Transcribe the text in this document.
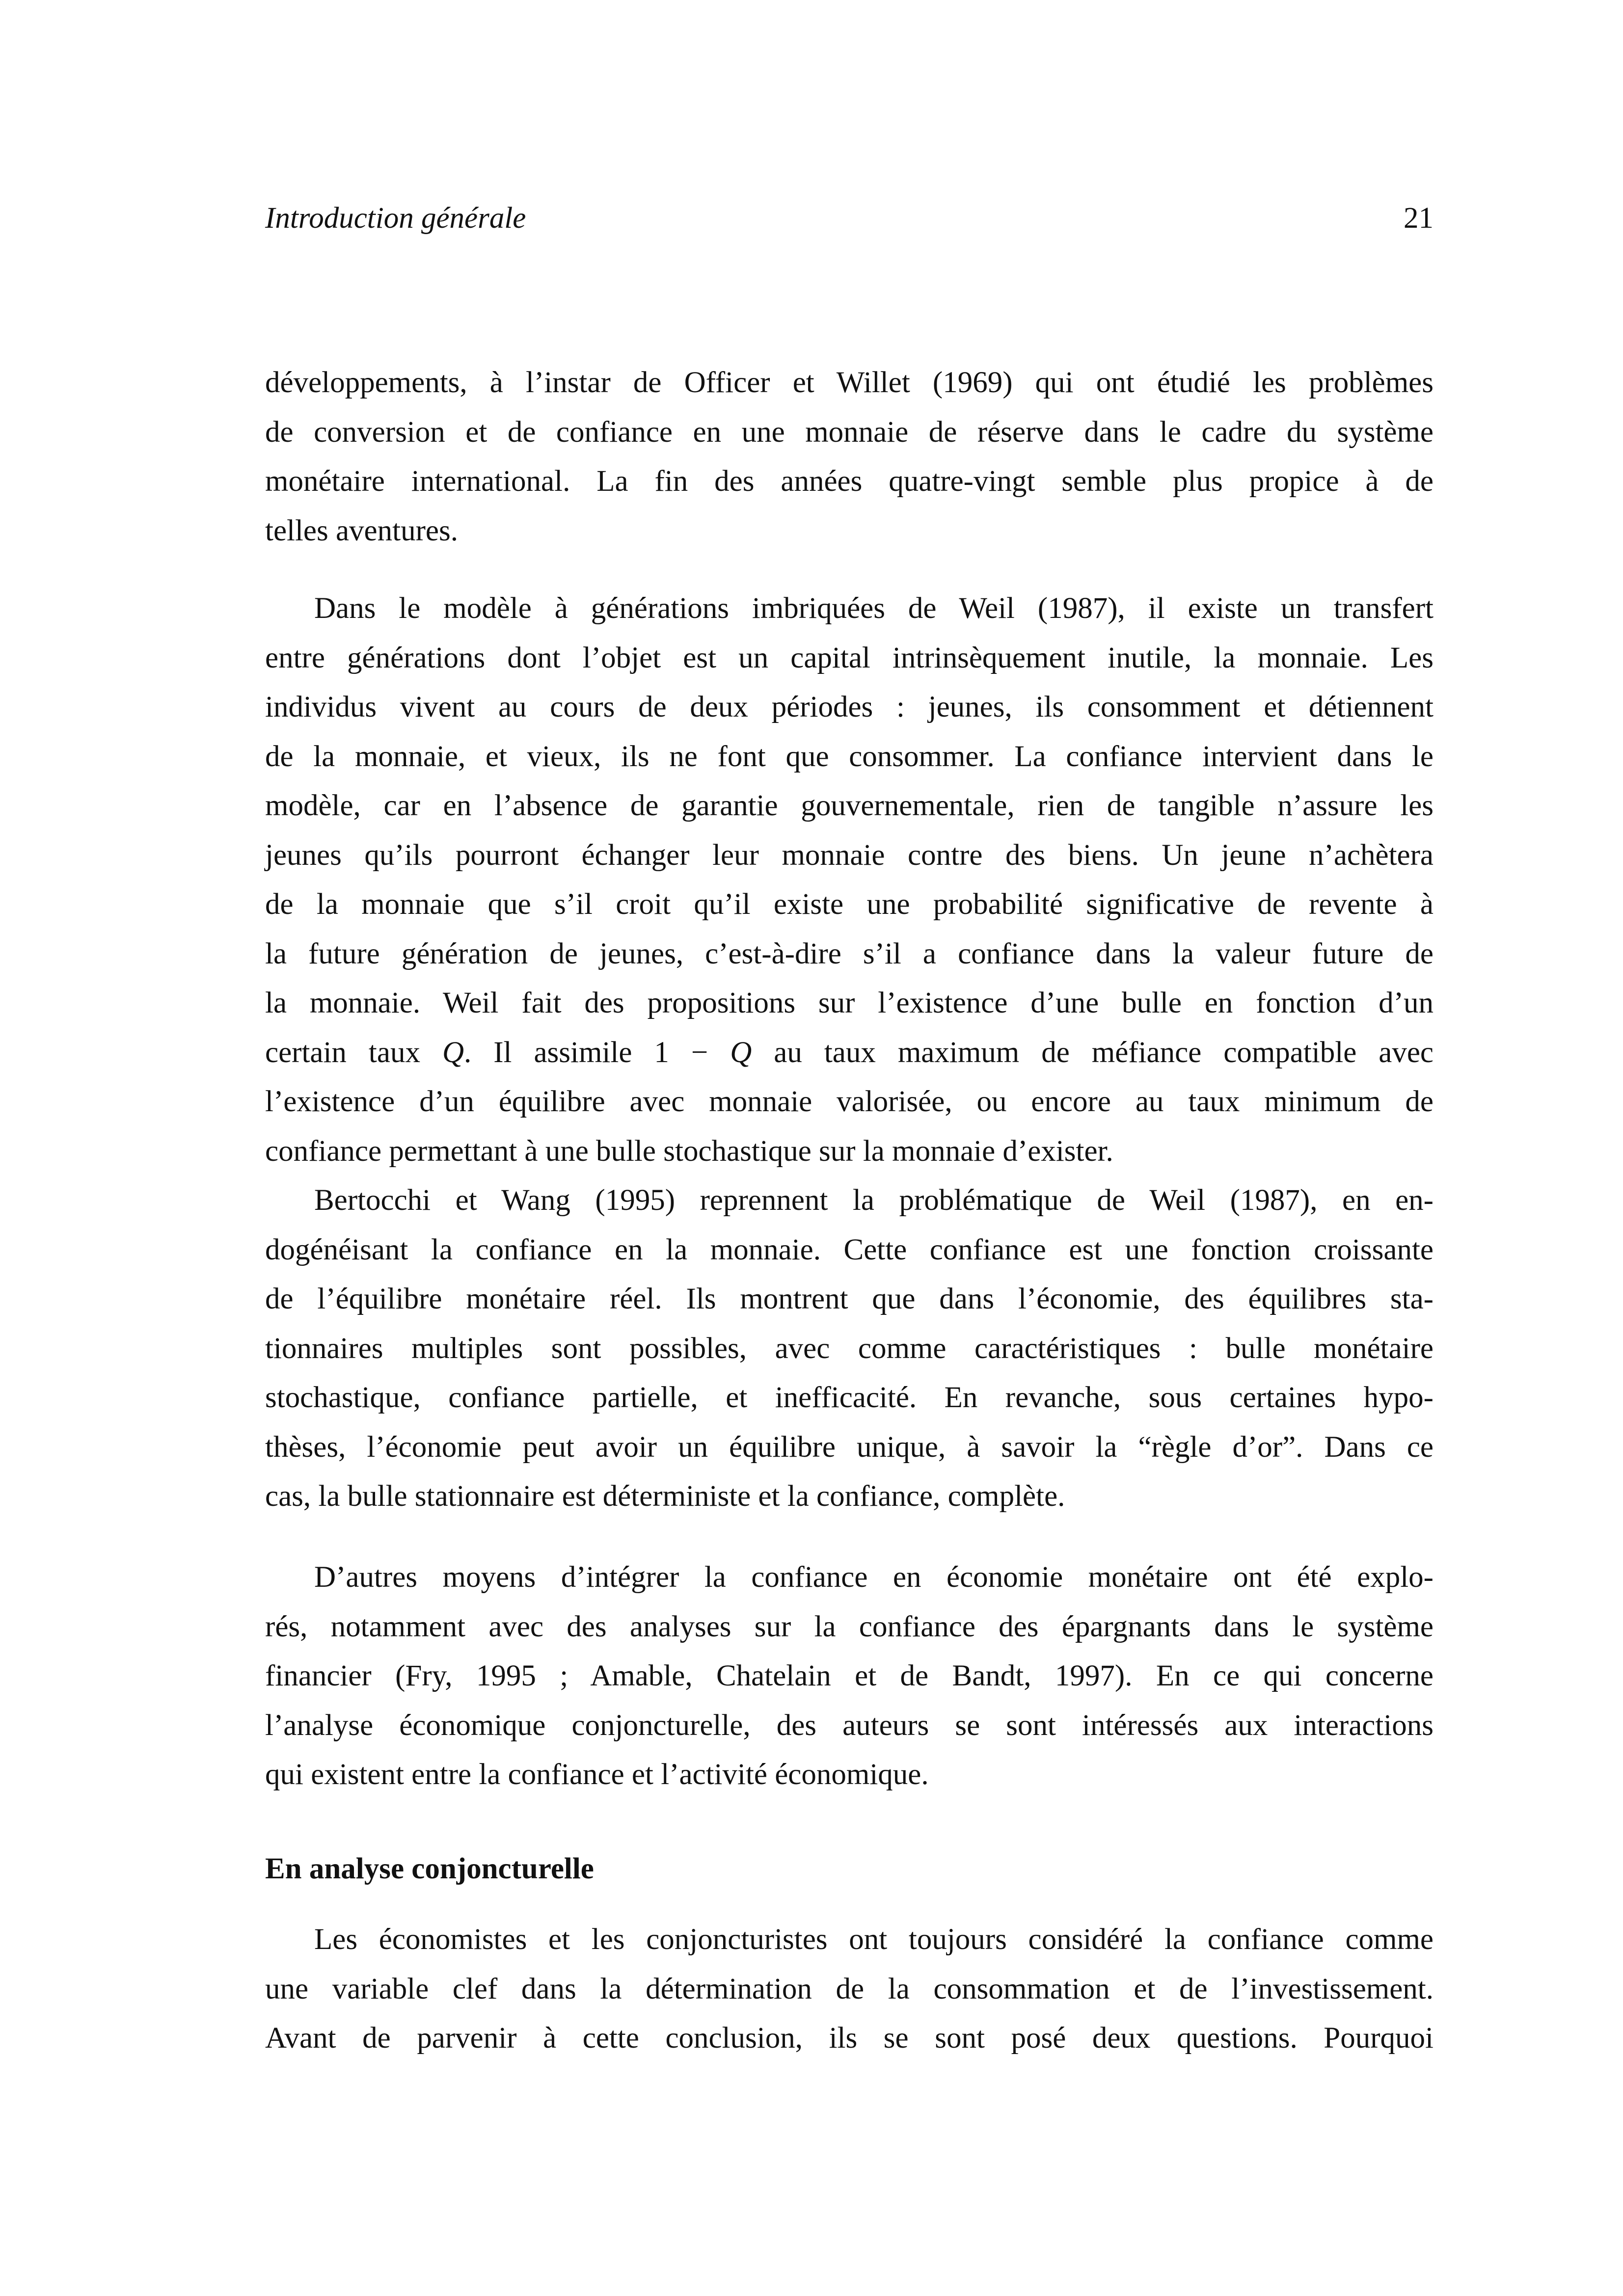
Introduction générale	21
développements, à l’instar de Officer et Willet (1969) qui ont étudié les problèmes
de conversion et de confiance en une monnaie de réserve dans le cadre du système
monétaire international. La fin des années quatre-vingt semble plus propice à de
telles aventures.
Dans le modèle à générations imbriquées de Weil (1987), il existe un transfert
entre générations dont l’objet est un capital intrinsèquement inutile, la monnaie. Les
individus vivent au cours de deux périodes : jeunes, ils consomment et détiennent
de la monnaie, et vieux, ils ne font que consommer. La confiance intervient dans le
modèle, car en l’absence de garantie gouvernementale, rien de tangible n’assure les
jeunes qu’ils pourront échanger leur monnaie contre des biens. Un jeune n’achètera
de la monnaie que s’il croit qu’il existe une probabilité significative de revente à
la future génération de jeunes, c’est-à-dire s’il a confiance dans la valeur future de
la monnaie. Weil fait des propositions sur l’existence d’une bulle en fonction d’un
certain taux Q. Il assimile 1 − Q au taux maximum de méfiance compatible avec
l’existence d’un équilibre avec monnaie valorisée, ou encore au taux minimum de
confiance permettant à une bulle stochastique sur la monnaie d’exister.
Bertocchi et Wang (1995) reprennent la problématique de Weil (1987), en en-
dogénéisant la confiance en la monnaie. Cette confiance est une fonction croissante
de l’équilibre monétaire réel. Ils montrent que dans l’économie, des équilibres sta-
tionnaires multiples sont possibles, avec comme caractéristiques : bulle monétaire
stochastique, confiance partielle, et inefficacité. En revanche, sous certaines hypo-
thèses, l’économie peut avoir un équilibre unique, à savoir la “règle d’or”. Dans ce
cas, la bulle stationnaire est déterministe et la confiance, complète.
D’autres moyens d’intégrer la confiance en économie monétaire ont été explo-
rés, notamment avec des analyses sur la confiance des épargnants dans le système
financier (Fry, 1995 ; Amable, Chatelain et de Bandt, 1997). En ce qui concerne
l’analyse économique conjoncturelle, des auteurs se sont intéressés aux interactions
qui existent entre la confiance et l’activité économique.
En analyse conjoncturelle
Les économistes et les conjoncturistes ont toujours considéré la confiance comme
une variable clef dans la détermination de la consommation et de l’investissement.
Avant de parvenir à cette conclusion, ils se sont posé deux questions. Pourquoi
